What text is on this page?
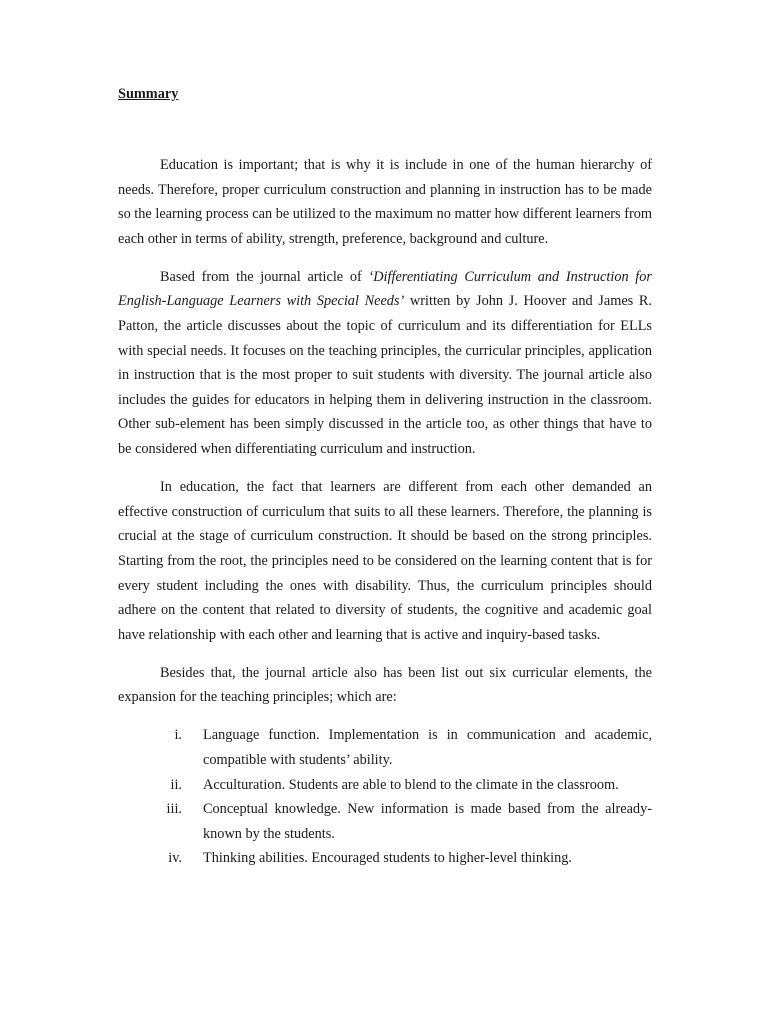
Summary

Education is important; that is why it is include in one of the human hierarchy of needs. Therefore, proper curriculum construction and planning in instruction has to be made so the learning process can be utilized to the maximum no matter how different learners from each other in terms of ability, strength, preference, background and culture.

Based from the journal article of ‘Differentiating Curriculum and Instruction for English-Language Learners with Special Needs’ written by John J. Hoover and James R. Patton, the article discusses about the topic of curriculum and its differentiation for ELLs with special needs. It focuses on the teaching principles, the curricular principles, application in instruction that is the most proper to suit students with diversity. The journal article also includes the guides for educators in helping them in delivering instruction in the classroom. Other sub-element has been simply discussed in the article too, as other things that have to be considered when differentiating curriculum and instruction.

In education, the fact that learners are different from each other demanded an effective construction of curriculum that suits to all these learners. Therefore, the planning is crucial at the stage of curriculum construction. It should be based on the strong principles. Starting from the root, the principles need to be considered on the learning content that is for every student including the ones with disability. Thus, the curriculum principles should adhere on the content that related to diversity of students, the cognitive and academic goal have relationship with each other and learning that is active and inquiry-based tasks.

Besides that, the journal article also has been list out six curricular elements, the expansion for the teaching principles; which are:

i. Language function. Implementation is in communication and academic, compatible with students’ ability.
ii. Acculturation. Students are able to blend to the climate in the classroom.
iii. Conceptual knowledge. New information is made based from the already-known by the students.
iv. Thinking abilities. Encouraged students to higher-level thinking.
